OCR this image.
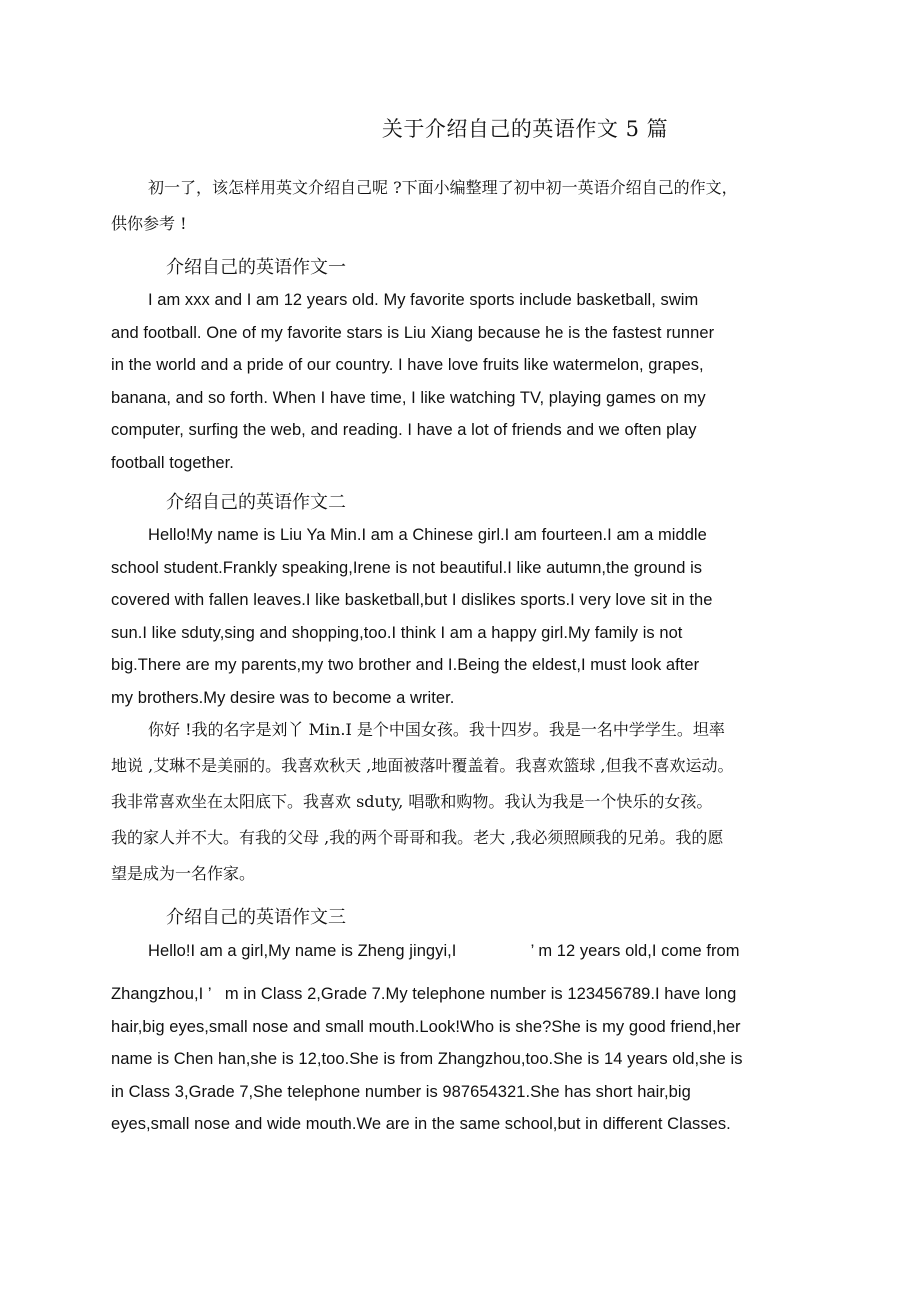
关于介绍自己的英语作文 5 篇
初一了，该怎样用英文介绍自己呢 ?下面小编整理了初中初一英语介绍自己的作文，
供你参考 !
介绍自己的英语作文一
I am xxx and I am 12 years old. My favorite sports include basketball, swim
and football. One of my favorite stars is Liu Xiang because he is the fastest runner
in the world and a pride of our country. I have love fruits like watermelon, grapes,
banana, and so forth. When I have time, I like watching TV, playing games on my
computer, surfing the web, and reading. I have a lot of friends and we often play
football together.
介绍自己的英语作文二
Hello!My name is Liu Ya Min.I am a Chinese girl.I am fourteen.I am a middle
school student.Frankly speaking,Irene is not beautiful.I like autumn,the ground is
covered with fallen leaves.I like basketball,but I dislikes sports.I very love sit in the
sun.I like sduty,sing and shopping,too.I think I am a happy girl.My family is not
big.There are my parents,my two brother and I.Being the eldest,I must look after
my brothers.My desire was to become a writer.
你好 !我的名字是刘丫 Min.I 是个中国女孩。我十四岁。我是一名中学学生。坦率
地说 ,艾琳不是美丽的。我喜欢秋天 ,地面被落叶覆盖着。我喜欢篮球 ,但我不喜欢运动。
我非常喜欢坐在太阳底下。我喜欢 sduty, 唱歌和购物。我认为我是一个快乐的女孩。
我的家人并不大。有我的父母 ,我的两个哥哥和我。老大 ,我必须照顾我的兄弟。我的愿
望是成为一名作家。
介绍自己的英语作文三
Hello!I am a girl,My name is Zheng jingyi,I                ’ m 12 years old,I come from
Zhangzhou,I ’   m in Class 2,Grade 7.My telephone number is 123456789.I have long
hair,big eyes,small nose and small mouth.Look!Who is she?She is my good friend,her
name is Chen han,she is 12,too.She is from Zhangzhou,too.She is 14 years old,she is
in Class 3,Grade 7,She telephone number is 987654321.She has short hair,big
eyes,small nose and wide mouth.We are in the same school,but in different Classes.
